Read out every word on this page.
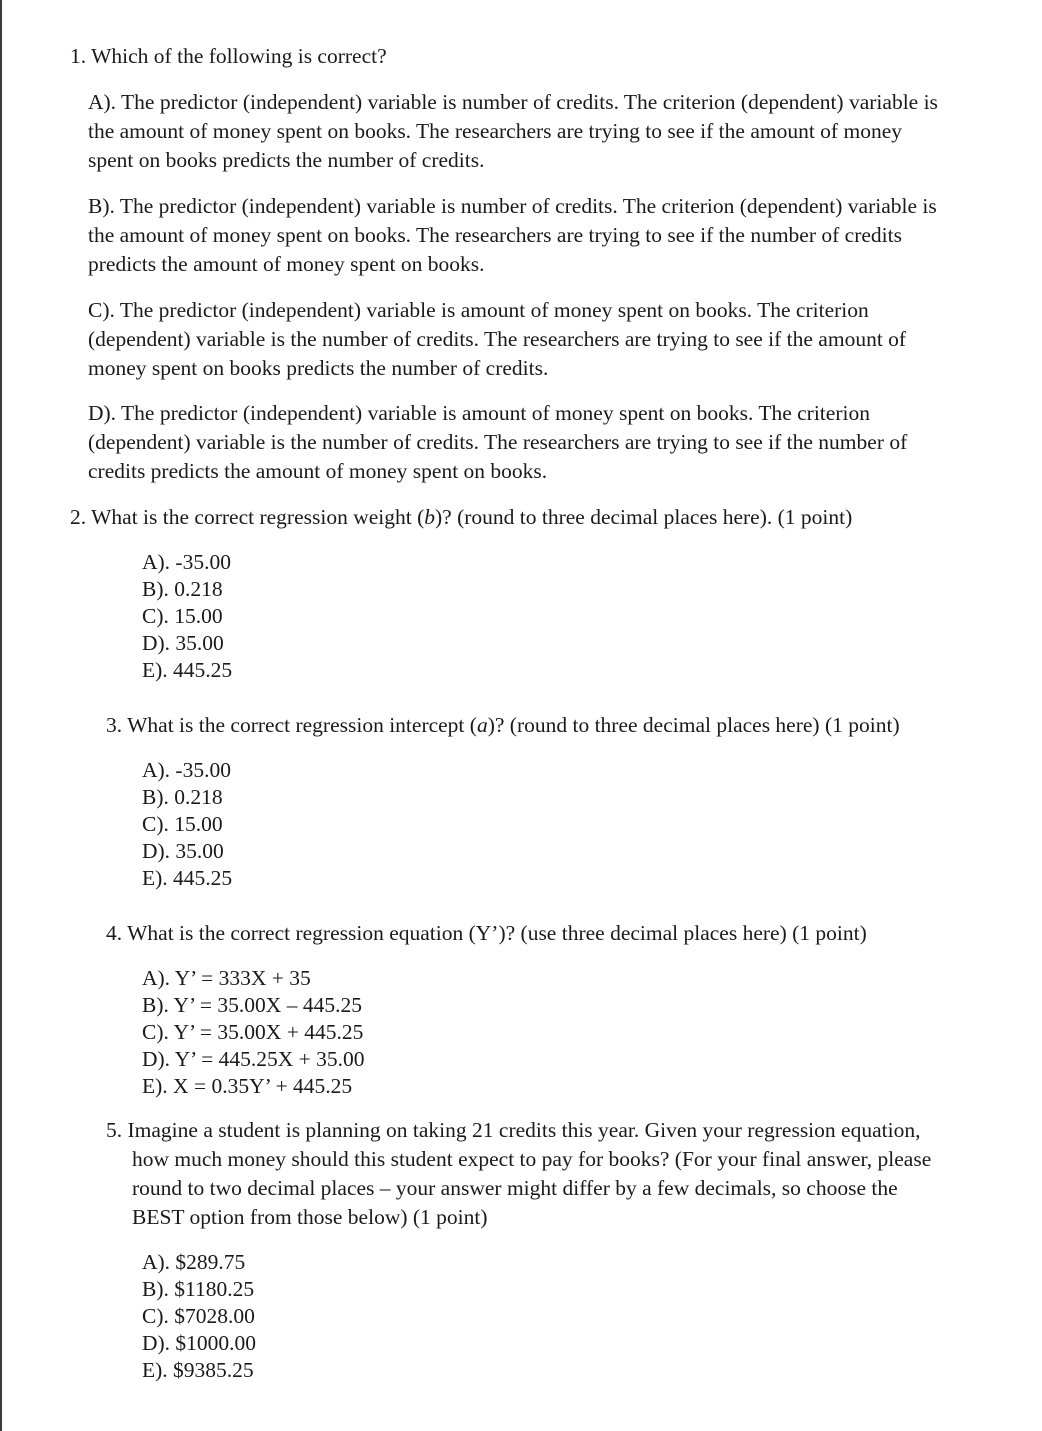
1. Which of the following is correct?

A). The predictor (independent) variable is number of credits. The criterion (dependent) variable is

the amount of money spent on books. The researchers are trying to see if the amount of money

spent on books predicts the number of credits.

B). The predictor (independent) variable is number of credits. The criterion (dependent) variable is

the amount of money spent on books. The researchers are trying to see if the number of credits

predicts the amount of money spent on books.

C). The predictor (independent) variable is amount of money spent on books. The criterion

(dependent) variable is the number of credits. The researchers are trying to see if the amount of

money spent on books predicts the number of credits.

D). The predictor (independent) variable is amount of money spent on books. The criterion

(dependent) variable is the number of credits. The researchers are trying to see if the number of

credits predicts the amount of money spent on books.

2. What is the correct regression weight (b)? (round to three decimal places here). (1 point)

A). -35.00

B). 0.218

C). 15.00

D). 35.00

E). 445.25

3. What is the correct regression intercept (a)? (round to three decimal places here) (1 point)

A). -35.00

B). 0.218

C). 15.00

D). 35.00

E). 445.25

4. What is the correct regression equation (Y’)? (use three decimal places here) (1 point)

A). Y’ = 333X + 35

B). Y’ = 35.00X – 445.25

C). Y’ = 35.00X + 445.25

D). Y’ = 445.25X + 35.00

E). X = 0.35Y’ + 445.25

5. Imagine a student is planning on taking 21 credits this year. Given your regression equation,

how much money should this student expect to pay for books? (For your final answer, please

round to two decimal places – your answer might differ by a few decimals, so choose the

BEST option from those below) (1 point)

A). $289.75

B). $1180.25

C). $7028.00

D). $1000.00

E). $9385.25
